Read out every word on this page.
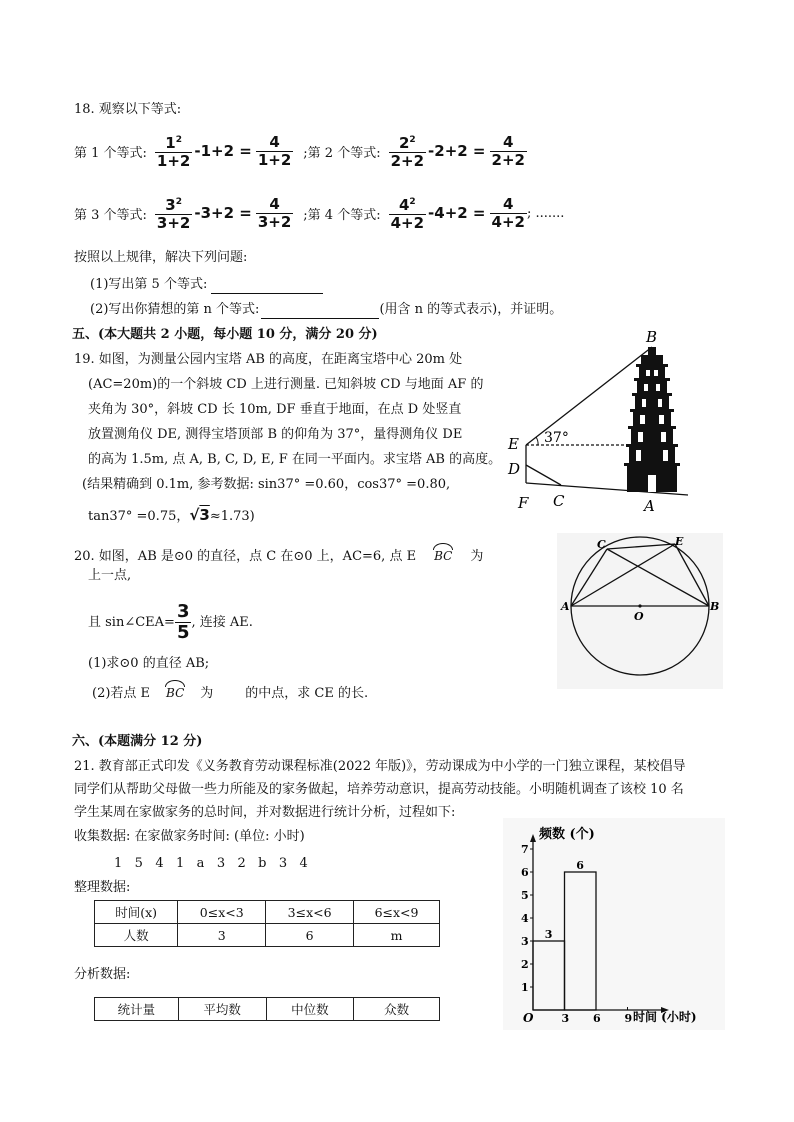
18. 观察以下等式:
第 1 个等式: $\frac{1^2}{1+2} -1+2 = \frac{4}{1+2}$ ;第 2 个等式: $\frac{2^2}{2+2} -2+2 = \frac{4}{2+2}$
第 3 个等式: $\frac{3^2}{3+2} -3+2 = \frac{4}{3+2}$ ;第 4 个等式: $\frac{4^2}{4+2} -4+2 = \frac{4}{4+2}$ ; .......
按照以上规律，解决下列问题:
(1)写出第 5 个等式:
(2)写出你猜想的第 n 个等式:	(用含 n 的等式表示)，并证明。
五、(本大题共 2 小题，每小题 10 分，满分 20 分)
19. 如图，为测量公园内宝塔 AB 的高度，在距离宝塔中心 20m 处
(AC=20m)的一个斜坡 CD 上进行测量. 已知斜坡 CD 与地面 AF 的
夹角为 30°，斜坡 CD 长 10m, DF 垂直于地面，在点 D 处竖直
放置测角仪 DE, 测得宝塔顶部 B 的仰角为 37°，量得测角仪 DE
的高为 1.5m, 点 A, B, C, D, E, F 在同一平面内。求宝塔 AB 的高度。
(结果精确到 0.1m, 参考数据: sin37° =0.60，cos37° =0.80,
tan37° =0.75，√3≈1.73)
B
E
D
F C	A
37°
20. 如图，AB 是⊙0 的直径，点 C 在⊙0 上，AC=6, 点 E BC 为
上一点,
且 sin∠CEA= $\frac{3}{5}$ , 连接 AE.
(1)求⊙0 的直径 AB;
(2)若点 E BC 为 的中点，求 CE 的长.
C	E
A
O
B
六、(本题满分 12 分)
21. 教育部正式印发《义务教育劳动课程标准(2022 年版)》，劳动课成为中小学的一门独立课程，某校倡导
同学们从帮助父母做一些力所能及的家务做起，培养劳动意识，提高劳动技能。小明随机调查了该校 10 名
学生某周在家做家务的总时间，并对数据进行统计分析，过程如下:
收集数据: 在家做家务时间: (单位: 小时)
1   5   4   1   a   3   2   b   3   4
整理数据:
时间(x)	0≤x<3	3≤x<6	6≤x<9
人数	3	6	m
分析数据:
统计量	平均数	中位数	众数
频数 (个)
时间 (小时)
O
1
2
3
4
5
6
7
3 6 9
3
6
